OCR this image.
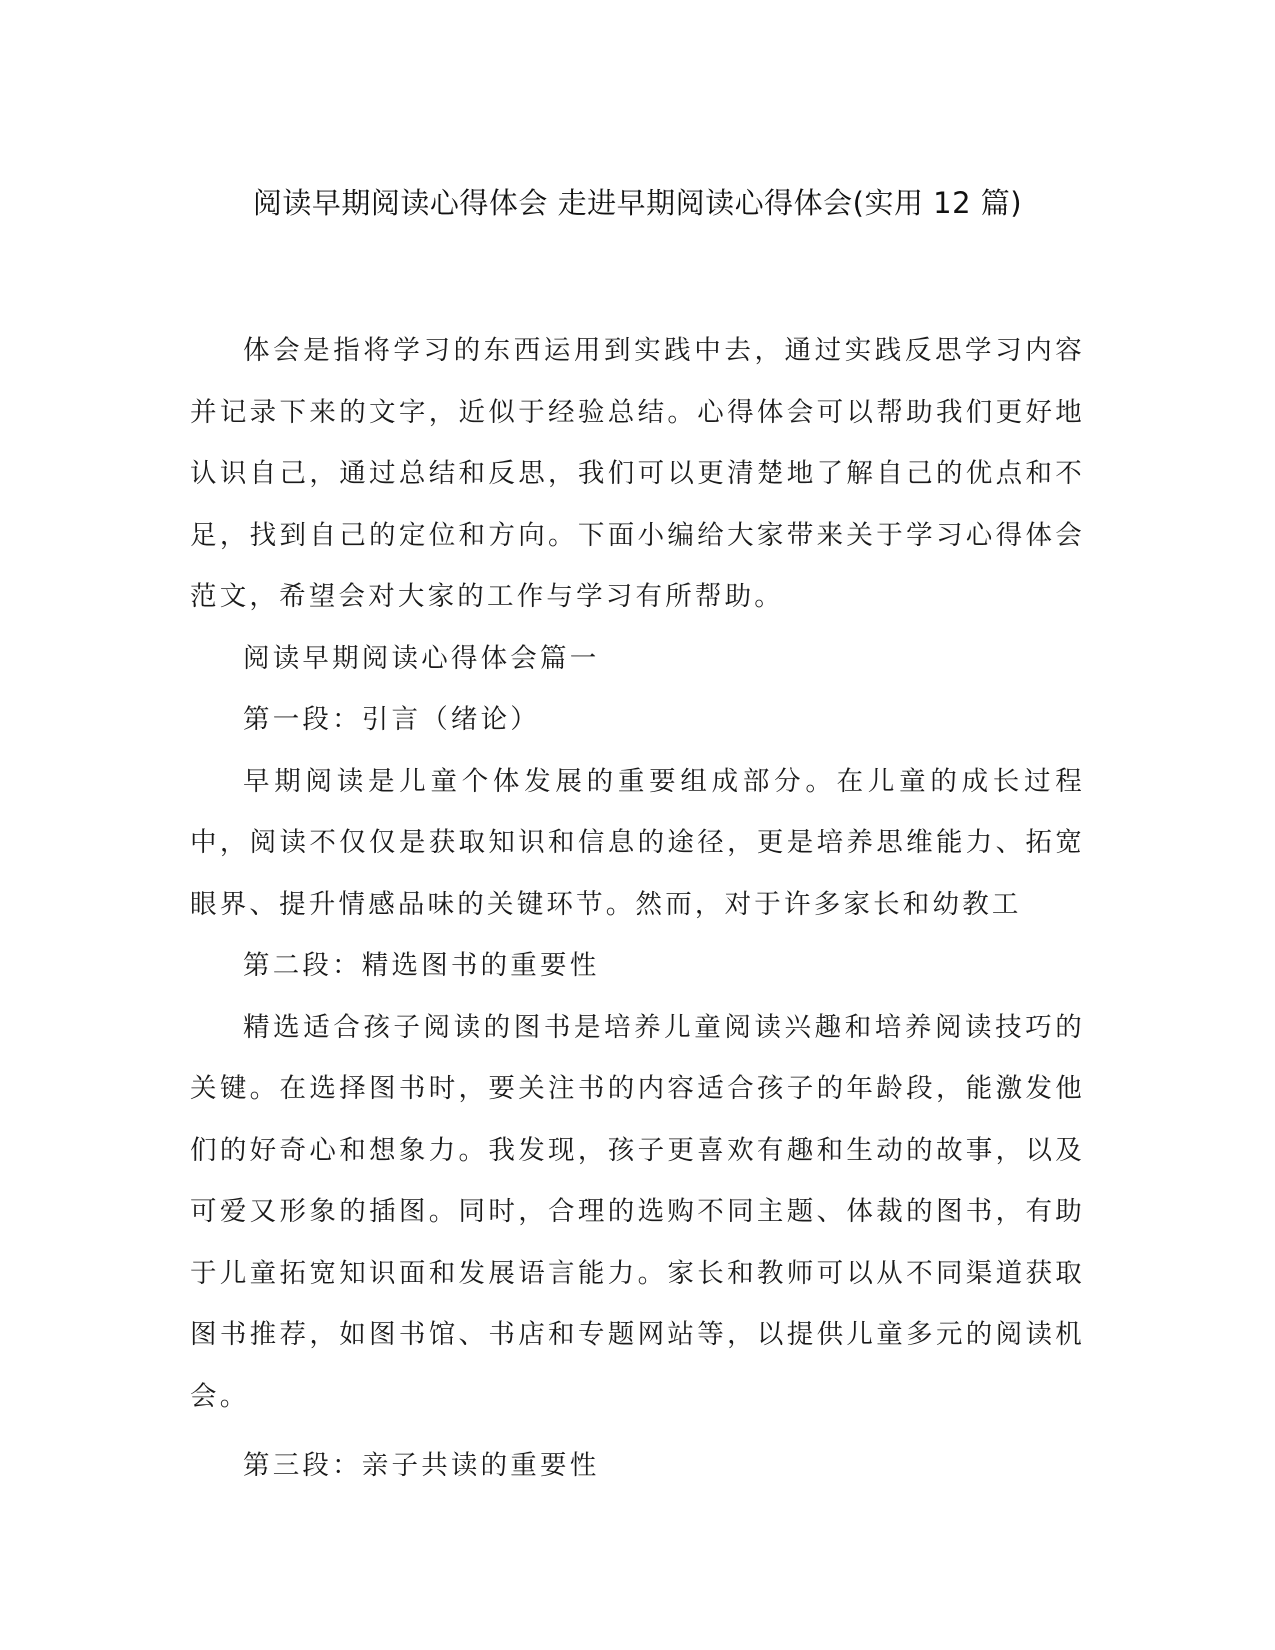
阅读早期阅读心得体会 走进早期阅读心得体会(实用 12 篇)

体会是指将学习的东西运用到实践中去，通过实践反思学习内容并记录下来的文字，近似于经验总结。心得体会可以帮助我们更好地认识自己，通过总结和反思，我们可以更清楚地了解自己的优点和不足，找到自己的定位和方向。下面小编给大家带来关于学习心得体会范文，希望会对大家的工作与学习有所帮助。

阅读早期阅读心得体会篇一

第一段：引言（绪论）

早期阅读是儿童个体发展的重要组成部分。在儿童的成长过程中，阅读不仅仅是获取知识和信息的途径，更是培养思维能力、拓宽眼界、提升情感品味的关键环节。然而，对于许多家长和幼教工

第二段：精选图书的重要性

精选适合孩子阅读的图书是培养儿童阅读兴趣和培养阅读技巧的关键。在选择图书时，要关注书的内容适合孩子的年龄段，能激发他们的好奇心和想象力。我发现，孩子更喜欢有趣和生动的故事，以及可爱又形象的插图。同时，合理的选购不同主题、体裁的图书，有助于儿童拓宽知识面和发展语言能力。家长和教师可以从不同渠道获取图书推荐，如图书馆、书店和专题网站等，以提供儿童多元的阅读机会。

第三段：亲子共读的重要性
